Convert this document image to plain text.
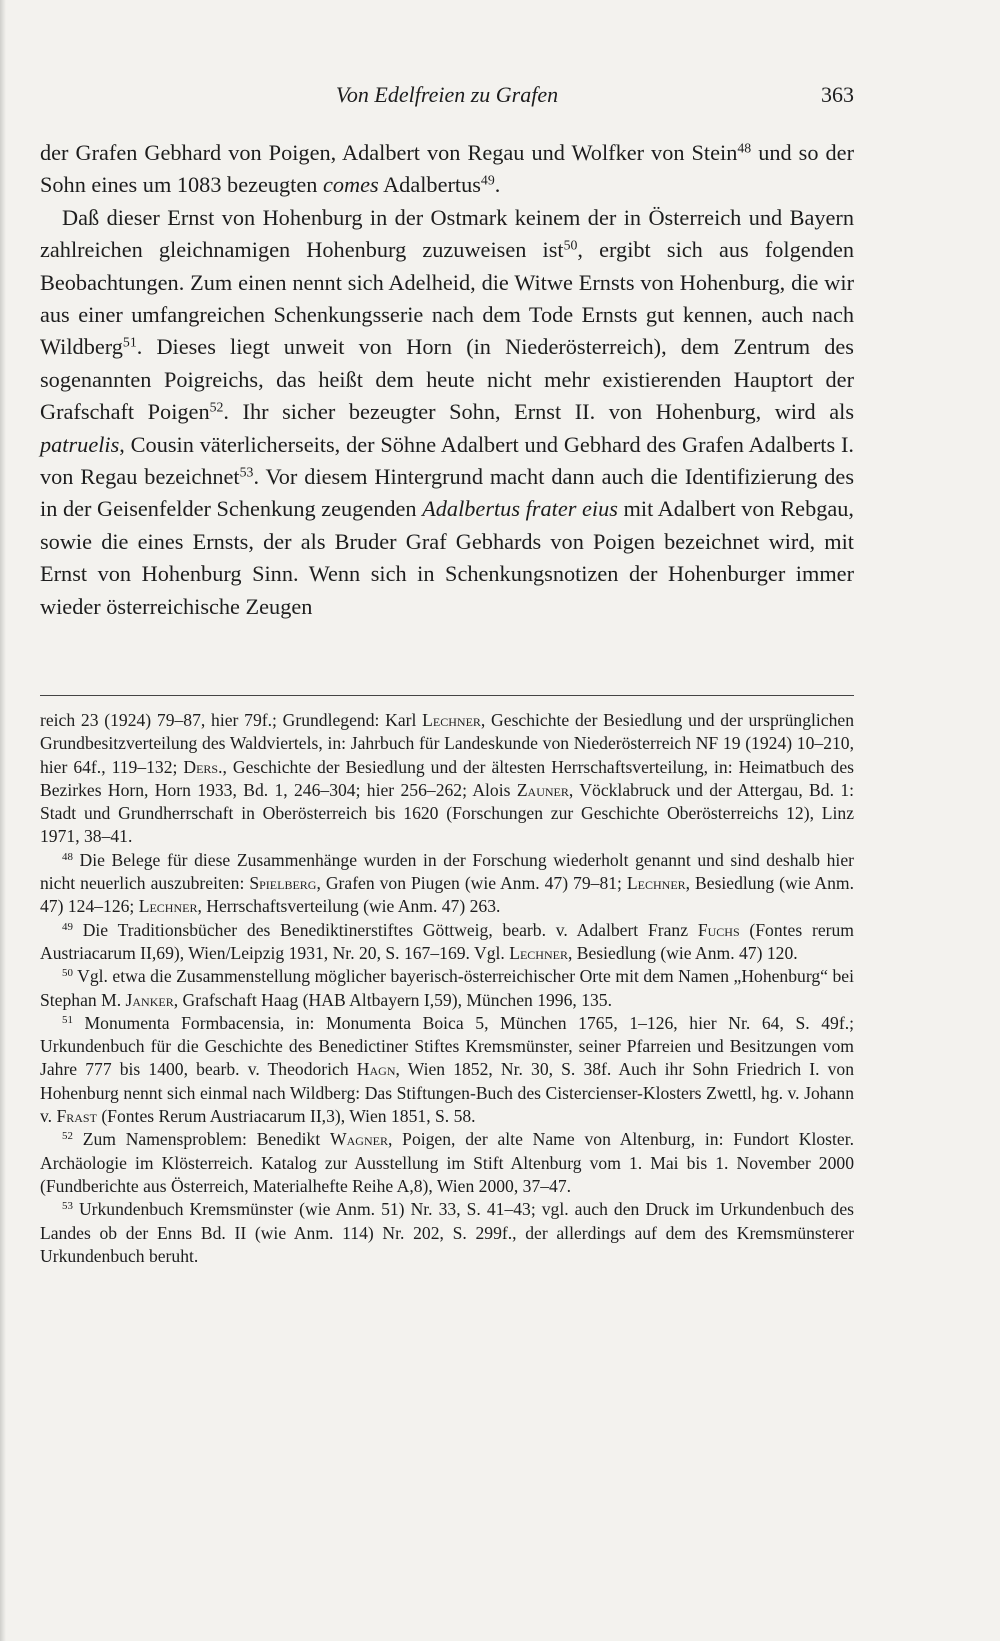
Von Edelfreien zu Grafen	363

der Grafen Gebhard von Poigen, Adalbert von Regau und Wolfker von Stein$^{48}$ und so der Sohn eines um 1083 bezeugten comes Adalbertus$^{49}$.

Daß dieser Ernst von Hohenburg in der Ostmark keinem der in Österreich und Bayern zahlreichen gleichnamigen Hohenburg zuzuweisen ist$^{50}$, ergibt sich aus folgenden Beobachtungen. Zum einen nennt sich Adelheid, die Witwe Ernsts von Hohenburg, die wir aus einer umfangreichen Schenkungsserie nach dem Tode Ernsts gut kennen, auch nach Wildberg$^{51}$. Dieses liegt unweit von Horn (in Niederösterreich), dem Zentrum des sogenannten Poigreichs, das heißt dem heute nicht mehr existierenden Hauptort der Grafschaft Poigen$^{52}$. Ihr sicher bezeugter Sohn, Ernst II. von Hohenburg, wird als patruelis, Cousin väterlicherseits, der Söhne Adalbert und Gebhard des Grafen Adalberts I. von Regau bezeichnet$^{53}$. Vor diesem Hintergrund macht dann auch die Identifizierung des in der Geisenfelder Schenkung zeugenden Adalbertus frater eius mit Adalbert von Rebgau, sowie die eines Ernsts, der als Bruder Graf Gebhards von Poigen bezeichnet wird, mit Ernst von Hohenburg Sinn. Wenn sich in Schenkungsnotizen der Hohenburger immer wieder österreichische Zeugen

reich 23 (1924) 79–87, hier 79f.; Grundlegend: Karl Lechner, Geschichte der Besiedlung und der ursprünglichen Grundbesitzverteilung des Waldviertels, in: Jahrbuch für Landeskunde von Niederösterreich NF 19 (1924) 10–210, hier 64f., 119–132; Ders., Geschichte der Besiedlung und der ältesten Herrschaftsverteilung, in: Heimatbuch des Bezirkes Horn, Horn 1933, Bd. 1, 246–304; hier 256–262; Alois Zauner, Vöcklabruck und der Attergau, Bd. 1: Stadt und Grundherrschaft in Oberösterreich bis 1620 (Forschungen zur Geschichte Oberösterreichs 12), Linz 1971, 38–41.

$^{48}$ Die Belege für diese Zusammenhänge wurden in der Forschung wiederholt genannt und sind deshalb hier nicht neuerlich auszubreiten: Spielberg, Grafen von Piugen (wie Anm. 47) 79–81; Lechner, Besiedlung (wie Anm. 47) 124–126; Lechner, Herrschaftsverteilung (wie Anm. 47) 263.

$^{49}$ Die Traditionsbücher des Benediktinerstiftes Göttweig, bearb. v. Adalbert Franz Fuchs (Fontes rerum Austriacarum II,69), Wien/Leipzig 1931, Nr. 20, S. 167–169. Vgl. Lechner, Besiedlung (wie Anm. 47) 120.

$^{50}$ Vgl. etwa die Zusammenstellung möglicher bayerisch-österreichischer Orte mit dem Namen „Hohenburg“ bei Stephan M. Janker, Grafschaft Haag (HAB Altbayern I,59), München 1996, 135.

$^{51}$ Monumenta Formbacensia, in: Monumenta Boica 5, München 1765, 1–126, hier Nr. 64, S. 49f.; Urkundenbuch für die Geschichte des Benedictiner Stiftes Kremsmünster, seiner Pfarreien und Besitzungen vom Jahre 777 bis 1400, bearb. v. Theodorich Hagn, Wien 1852, Nr. 30, S. 38f. Auch ihr Sohn Friedrich I. von Hohenburg nennt sich einmal nach Wildberg: Das Stiftungen-Buch des Cistercienser-Klosters Zwettl, hg. v. Johann v. Frast (Fontes Rerum Austriacarum II,3), Wien 1851, S. 58.

$^{52}$ Zum Namensproblem: Benedikt Wagner, Poigen, der alte Name von Altenburg, in: Fundort Kloster. Archäologie im Klösterreich. Katalog zur Ausstellung im Stift Altenburg vom 1. Mai bis 1. November 2000 (Fundberichte aus Österreich, Materialhefte Reihe A,8), Wien 2000, 37–47.

$^{53}$ Urkundenbuch Kremsmünster (wie Anm. 51) Nr. 33, S. 41–43; vgl. auch den Druck im Urkundenbuch des Landes ob der Enns Bd. II (wie Anm. 114) Nr. 202, S. 299f., der allerdings auf dem des Kremsmünsterer Urkundenbuch beruht.
